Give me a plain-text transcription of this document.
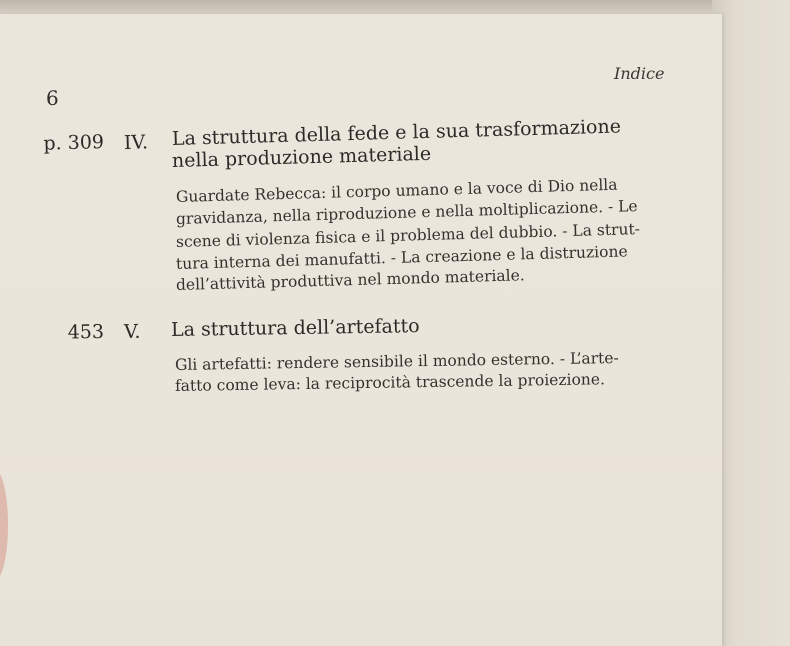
Indice
6
p. 309 IV. La struttura della fede e la sua trasformazione
nella produzione materiale
Guardate Rebecca: il corpo umano e la voce di Dio nella
gravidanza, nella riproduzione e nella moltiplicazione. - Le
scene di violenza fisica e il problema del dubbio. - La strut-
tura interna dei manufatti. - La creazione e la distruzione
dell’attività produttiva nel mondo materiale.
453 V. La struttura dell’artefatto
Gli artefatti: rendere sensibile il mondo esterno. - L’arte-
fatto come leva: la reciprocità trascende la proiezione.
